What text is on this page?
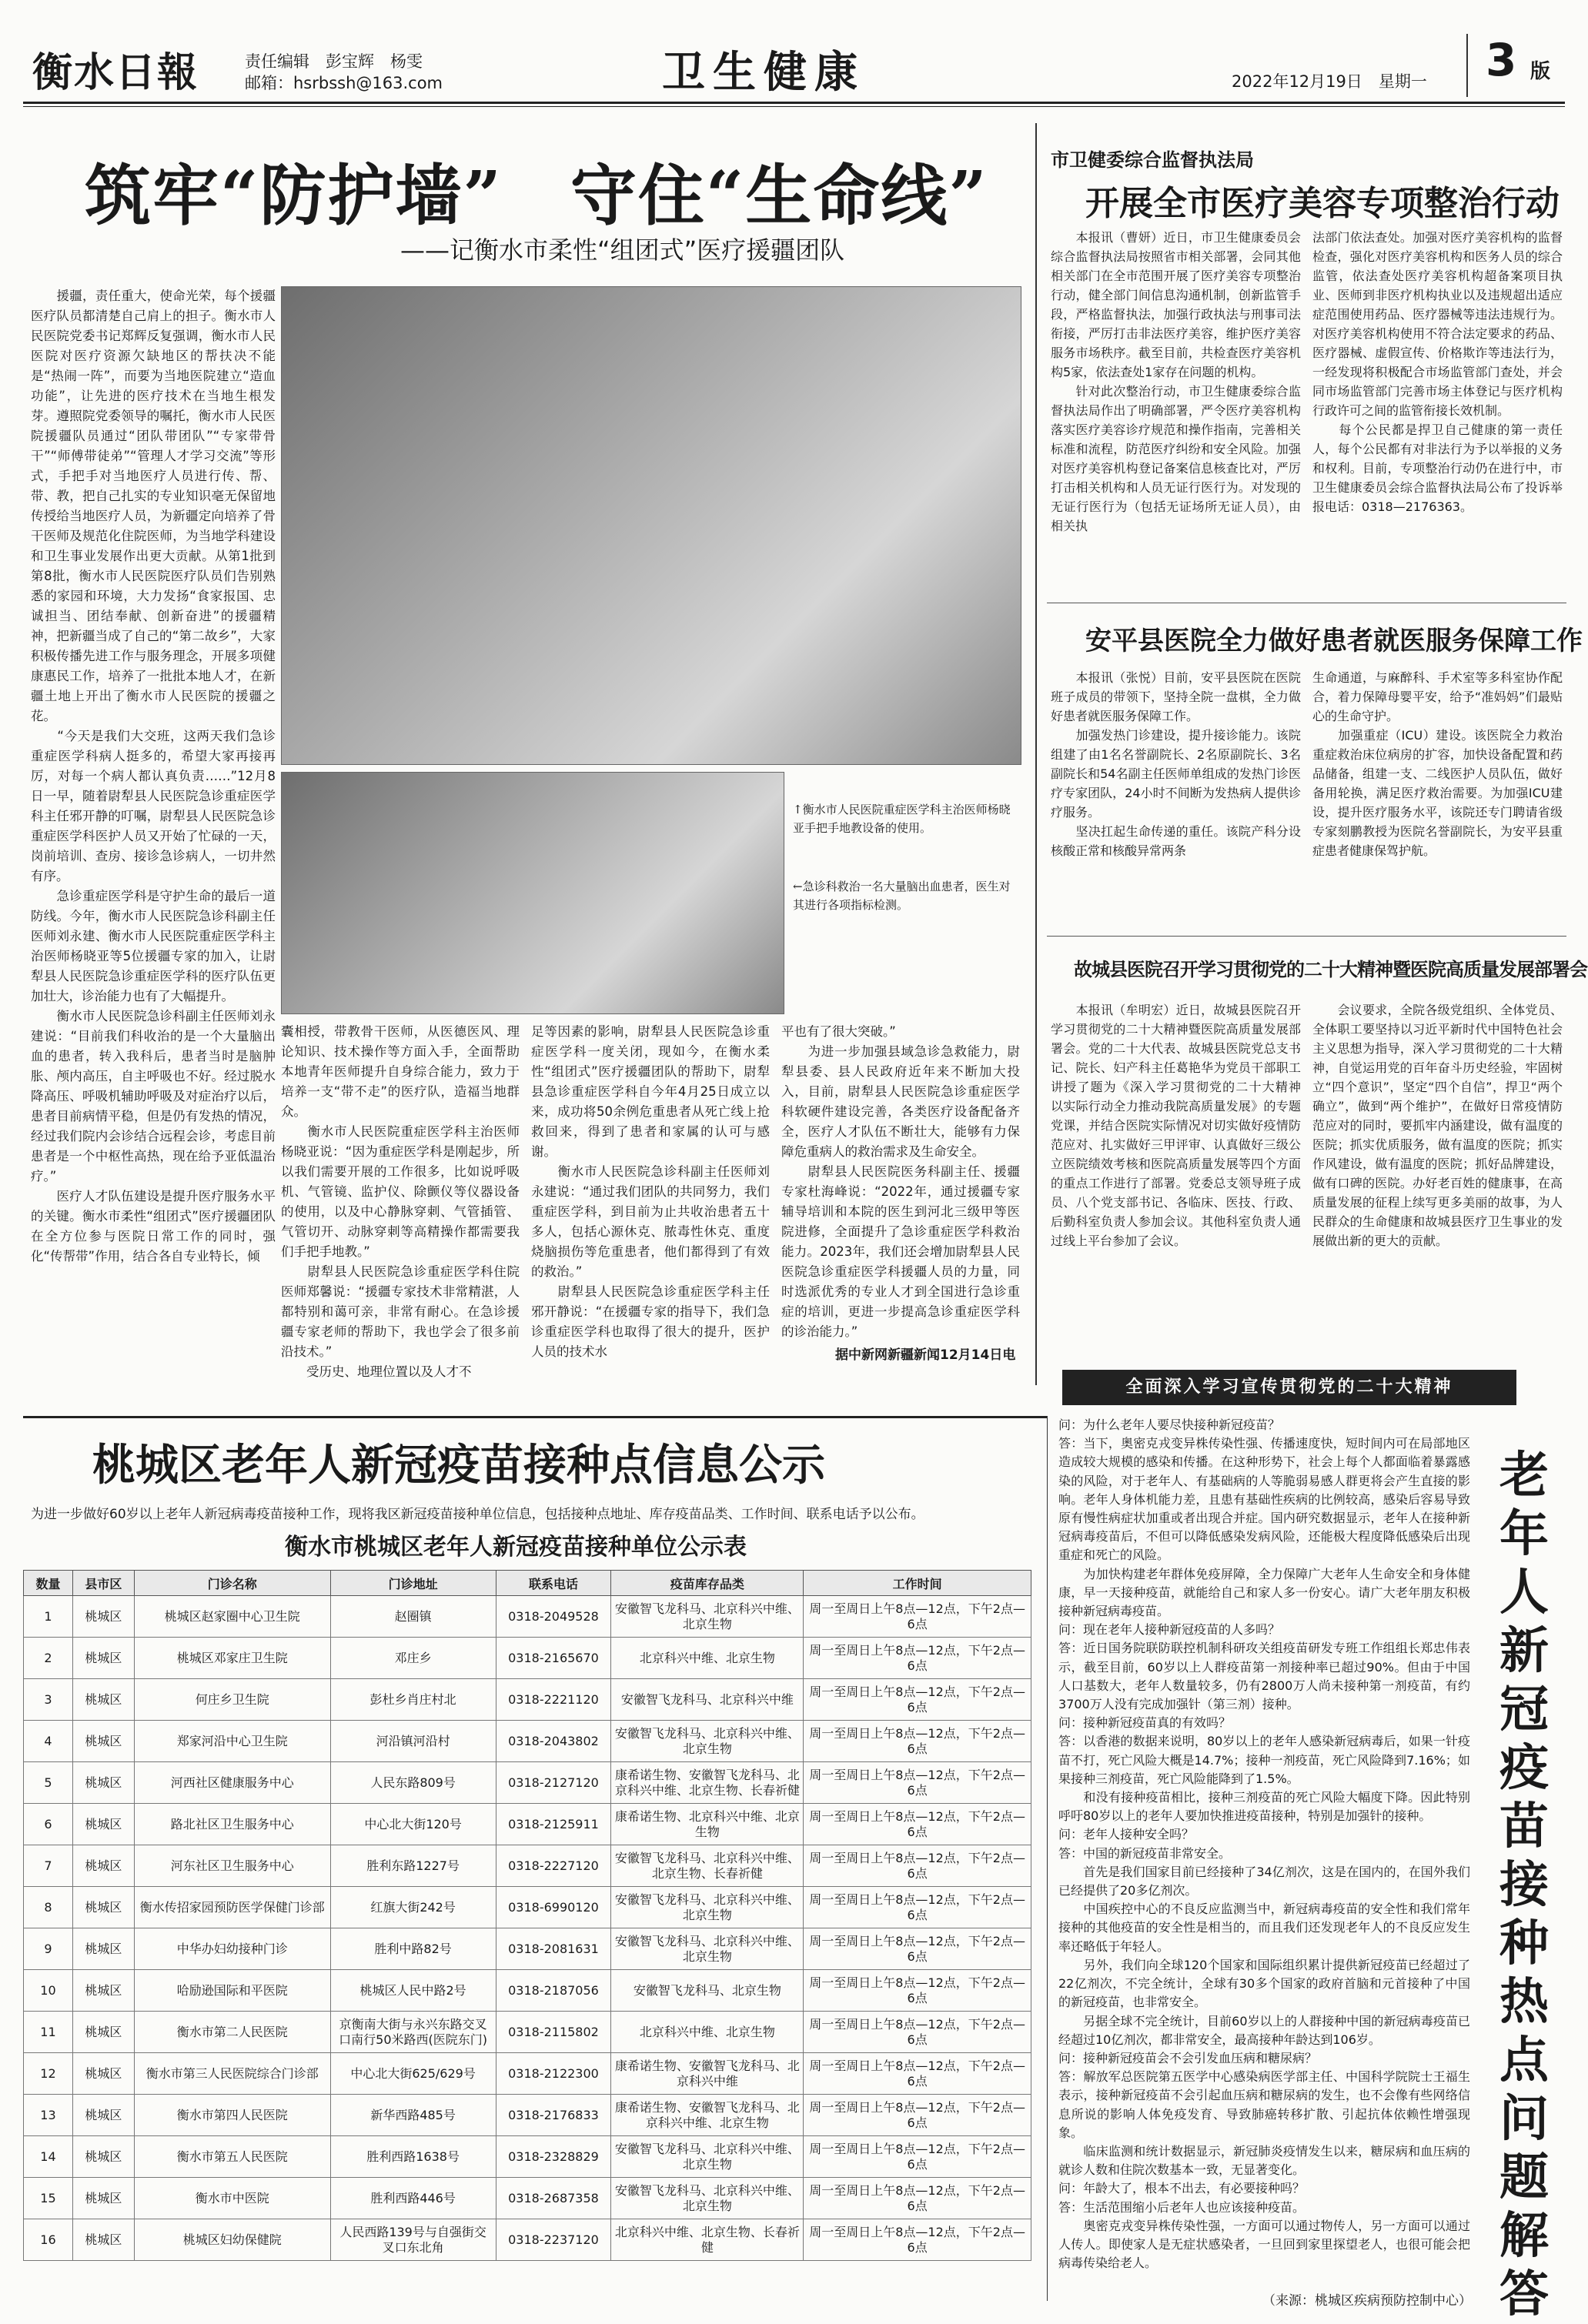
衡水日報	责任编辑　彭宝辉　杨雯
邮箱：hsrbssh@163.com	卫生健康	2022年12月19日　星期一 3 版
筑牢“防护墙”　守住“生命线”
——记衡水市柔性“组团式”医疗援疆团队
　　援疆，责任重大，使命光荣，每个援疆医疗队员都清楚自己肩上的担子。衡水市人民医院党委书记郑辉反复强调，衡水市人民医院对医疗资源欠缺地区的帮扶决不能是“热闹一阵”，而要为当地医院建立“造血功能”，让先进的医疗技术在当地生根发芽。遵照院党委领导的嘱托，衡水市人民医院援疆队员通过“团队带团队”“专家带骨干”“师傅带徒弟”“管理人才学习交流”等形式，手把手对当地医疗人员进行传、帮、带、教，把自己扎实的专业知识毫无保留地传授给当地医疗人员，为新疆定向培养了骨干医师及规范化住院医师，为当地学科建设和卫生事业发展作出更大贡献。从第1批到第8批，衡水市人民医院医疗队员们告别熟悉的家园和环境，大力发扬“食家报国、忠诚担当、团结奉献、创新奋进”的援疆精神，把新疆当成了自己的“第二故乡”，大家积极传播先进工作与服务理念，开展多项健康惠民工作，培养了一批批本地人才，在新疆土地上开出了衡水市人民医院的援疆之花。
　　“今天是我们大交班，这两天我们急诊重症医学科病人挺多的，希望大家再接再厉，对每一个病人都认真负责……”12月8日一早，随着尉犁县人民医院急诊重症医学科主任邪开静的叮嘱，尉犁县人民医院急诊重症医学科医护人员又开始了忙碌的一天，岗前培训、查房、接诊急诊病人，一切井然有序。
　　急诊重症医学科是守护生命的最后一道防线。今年，衡水市人民医院急诊科副主任医师刘永建、衡水市人民医院重症医学科主治医师杨晓亚等5位援疆专家的加入，让尉犁县人民医院急诊重症医学科的医疗队伍更加壮大，诊治能力也有了大幅提升。
　　衡水市人民医院急诊科副主任医师刘永建说：“目前我们科收治的是一个大量脑出血的患者，转入我科后，患者当时是脑肿胀、颅内高压，自主呼吸也不好。经过脱水降高压、呼吸机辅助呼吸及对症治疗以后，患者目前病情平稳，但是仍有发热的情况，经过我们院内会诊结合远程会诊，考虑目前患者是一个中枢性高热，现在给予亚低温治疗。”
　　医疗人才队伍建设是提升医疗服务水平的关键。衡水市柔性“组团式”医疗援疆团队在全方位参与医院日常工作的同时，强化“传帮带”作用，结合各自专业特长，倾
↑衡水市人民医院重症医学科主治医师杨晓亚手把手地教设备的使用。
←急诊科救治一名大量脑出血患者，医生对其进行各项指标检测。
囊相授，带教骨干医师，从医德医风、理论知识、技术操作等方面入手，全面帮助本地青年医师提升自身综合能力，致力于培养一支“带不走”的医疗队，造福当地群众。
　　衡水市人民医院重症医学科主治医师杨晓亚说：“因为重症医学科是刚起步，所以我们需要开展的工作很多，比如说呼吸机、气管镜、监护仪、除颤仪等仪器设备的使用，以及中心静脉穿刺、气管插管、气管切开、动脉穿刺等高精操作都需要我们手把手地教。”
　　尉犁县人民医院急诊重症医学科住院医师郑馨说：“援疆专家技术非常精湛，人都特别和蔼可亲，非常有耐心。在急诊援疆专家老师的帮助下，我也学会了很多前沿技术。”
　　受历史、地理位置以及人才不
足等因素的影响，尉犁县人民医院急诊重症医学科一度关闭，现如今，在衡水柔性“组团式”医疗援疆团队的帮助下，尉犁县急诊重症医学科自今年4月25日成立以来，成功将50余例危重患者从死亡线上抢救回来，得到了患者和家属的认可与感谢。
　　衡水市人民医院急诊科副主任医师刘永建说：“通过我们团队的共同努力，我们重症医学科，到目前为止共收治患者五十多人，包括心源休克、脓毒性休克、重度烧脑损伤等危重患者，他们都得到了有效的救治。”
　　尉犁县人民医院急诊重症医学科主任邪开静说：“在援疆专家的指导下，我们急诊重症医学科也取得了很大的提升，医护人员的技术水
平也有了很大突破。”
　　为进一步加强县域急诊急救能力，尉犁县委、县人民政府近年来不断加大投入，目前，尉犁县人民医院急诊重症医学科软硬件建设完善，各类医疗设备配备齐全，医疗人才队伍不断壮大，能够有力保障危重病人的救治需求及生命安全。
　　尉犁县人民医院医务科副主任、援疆专家杜海峰说：“2022年，通过援疆专家辅导培训和本院的医生到河北三级甲等医院进修，全面提升了急诊重症医学科救治能力。2023年，我们还会增加尉犁县人民医院急诊重症医学科援疆人员的力量，同时选派优秀的专业人才到全国进行急诊重症的培训，更进一步提高急诊重症医学科的诊治能力。”
据中新网新疆新闻12月14日电
市卫健委综合监督执法局
开展全市医疗美容专项整治行动
　　本报讯（曹妍）近日，市卫生健康委员会综合监督执法局按照省市相关部署，会同其他相关部门在全市范围开展了医疗美容专项整治行动，健全部门间信息沟通机制，创新监管手段，严格监督执法，加强行政执法与刑事司法衔接，严厉打击非法医疗美容，维护医疗美容服务市场秩序。截至目前，共检查医疗美容机构5家，依法查处1家存在问题的机构。
　　针对此次整治行动，市卫生健康委综合监督执法局作出了明确部署，严令医疗美容机构落实医疗美容诊疗规范和操作指南，完善相关标准和流程，防范医疗纠纷和安全风险。加强对医疗美容机构登记备案信息核查比对，严厉打击相关机构和人员无证行医行为。对发现的无证行医行为（包括无证场所无证人员），由相关执
法部门依法查处。加强对医疗美容机构的监督检查，强化对医疗美容机构和医务人员的综合监管，依法查处医疗美容机构超备案项目执业、医师到非医疗机构执业以及违规超出适应症范围使用药品、医疗器械等违法违规行为。对医疗美容机构使用不符合法定要求的药品、医疗器械、虚假宣传、价格欺诈等违法行为，一经发现将积极配合市场监管部门查处，并会同市场监管部门完善市场主体登记与医疗机构行政许可之间的监管衔接长效机制。
　　每个公民都是捍卫自己健康的第一责任人，每个公民都有对非法行为予以举报的义务和权利。目前，专项整治行动仍在进行中，市卫生健康委员会综合监督执法局公布了投诉举报电话：0318—2176363。
安平县医院全力做好患者就医服务保障工作
　　本报讯（张悦）目前，安平县医院在医院班子成员的带领下，坚持全院一盘棋，全力做好患者就医服务保障工作。
　　加强发热门诊建设，提升接诊能力。该院组建了由1名名誉副院长、2名原副院长、3名副院长和54名副主任医师单组成的发热门诊医疗专家团队，24小时不间断为发热病人提供诊疗服务。
　　坚决扛起生命传递的重任。该院产科分设核酸正常和核酸异常两条
生命通道，与麻醉科、手术室等多科室协作配合，着力保障母婴平安，给予“准妈妈”们最贴心的生命守护。
　　加强重症（ICU）建设。该医院全力救治重症救治床位病房的扩容，加快设备配置和药品储备，组建一支、二线医护人员队伍，做好备用轮换，满足医疗救治需要。为加强ICU建设，提升医疗服务水平，该院还专门聘请省级专家刻鹏教授为医院名誉副院长，为安平县重症患者健康保驾护航。
故城县医院召开学习贯彻党的二十大精神暨医院高质量发展部署会
　　本报讯（牟明宏）近日，故城县医院召开学习贯彻党的二十大精神暨医院高质量发展部署会。党的二十大代表、故城县医院党总支书记、院长、妇产科主任葛艳华为党员干部职工讲授了题为《深入学习贯彻党的二十大精神　以实际行动全力推动我院高质量发展》的专题党课，并结合医院实际情况对切实做好疫情防范应对、扎实做好三甲评审、认真做好三级公立医院绩效考核和医院高质量发展等四个方面的重点工作进行了部署。党委总支领导班子成员、八个党支部书记、各临床、医技、行政、后勤科室负责人参加会议。其他科室负责人通过线上平台参加了会议。
　　会议要求，全院各级党组织、全体党员、全体职工要坚持以习近平新时代中国特色社会主义思想为指导，深入学习贯彻党的二十大精神，自觉运用党的百年奋斗历史经验，牢固树立“四个意识”，坚定“四个自信”，捍卫“两个确立”，做到“两个维护”，在做好日常疫情防范应对的同时，要抓牢内涵建设，做有温度的医院；抓实优质服务，做有温度的医院；抓实作风建设，做有温度的医院；抓好品牌建设，做有口碑的医院。办好老百姓的健康事，在高质量发展的征程上续写更多美丽的故事，为人民群众的生命健康和故城县医疗卫生事业的发展做出新的更大的贡献。
全面深入学习宣传贯彻党的二十大精神
桃城区老年人新冠疫苗接种点信息公示
为进一步做好60岁以上老年人新冠病毒疫苗接种工作，现将我区新冠疫苗接种单位信息，包括接种点地址、库存疫苗品类、工作时间、联系电话予以公布。
衡水市桃城区老年人新冠疫苗接种单位公示表
数量	县市区	门诊名称	门诊地址	联系电话	疫苗库存品类	工作时间
1	桃城区	桃城区赵家圈中心卫生院	赵圈镇	0318-2049528	安徽智飞龙科马、北京科兴中维、北京生物	周一至周日上午8点—12点，下午2点—6点
2	桃城区	桃城区邓家庄卫生院	邓庄乡	0318-2165670	北京科兴中维、北京生物	周一至周日上午8点—12点，下午2点—6点
3	桃城区	何庄乡卫生院	彭杜乡肖庄村北	0318-2221120	安徽智飞龙科马、北京科兴中维	周一至周日上午8点—12点，下午2点—6点
4	桃城区	郑家河沿中心卫生院	河沿镇河沿村	0318-2043802	安徽智飞龙科马、北京科兴中维、北京生物	周一至周日上午8点—12点，下午2点—6点
5	桃城区	河西社区健康服务中心	人民东路809号	0318-2127120	康希诺生物、安徽智飞龙科马、北京科兴中维、北京生物、长春祈健	周一至周日上午8点—12点，下午2点—6点
6	桃城区	路北社区卫生服务中心	中心北大街120号	0318-2125911	康希诺生物、北京科兴中维、北京生物	周一至周日上午8点—12点，下午2点—6点
7	桃城区	河东社区卫生服务中心	胜利东路1227号	0318-2227120	安徽智飞龙科马、北京科兴中维、北京生物、长春祈健	周一至周日上午8点—12点，下午2点—6点
8	桃城区	衡水传招家园预防医学保健门诊部	红旗大街242号	0318-6990120	安徽智飞龙科马、北京科兴中维、北京生物	周一至周日上午8点—12点，下午2点—6点
9	桃城区	中华办妇幼接种门诊	胜利中路82号	0318-2081631	安徽智飞龙科马、北京科兴中维、北京生物	周一至周日上午8点—12点，下午2点—6点
10	桃城区	哈励逊国际和平医院	桃城区人民中路2号	0318-2187056	安徽智飞龙科马、北京生物	周一至周日上午8点—12点，下午2点—6点
11	桃城区	衡水市第二人民医院	京衡南大街与永兴东路交叉口南行50米路西(医院东门)	0318-2115802	北京科兴中维、北京生物	周一至周日上午8点—12点，下午2点—6点
12	桃城区	衡水市第三人民医院综合门诊部	中心北大街625/629号	0318-2122300	康希诺生物、安徽智飞龙科马、北京科兴中维	周一至周日上午8点—12点，下午2点—6点
13	桃城区	衡水市第四人民医院	新华西路485号	0318-2176833	康希诺生物、安徽智飞龙科马、北京科兴中维、北京生物	周一至周日上午8点—12点，下午2点—6点
14	桃城区	衡水市第五人民医院	胜利西路1638号	0318-2328829	安徽智飞龙科马、北京科兴中维、北京生物	周一至周日上午8点—12点，下午2点—6点
15	桃城区	衡水市中医院	胜利西路446号	0318-2687358	安徽智飞龙科马、北京科兴中维、北京生物	周一至周日上午8点—12点，下午2点—6点
16	桃城区	桃城区妇幼保健院	人民西路139号与自强街交叉口东北角	0318-2237120	北京科兴中维、北京生物、长春祈健	周一至周日上午8点—12点，下午2点—6点
问：为什么老年人要尽快接种新冠疫苗？
答：当下，奥密克戎变异株传染性强、传播速度快，短时间内可在局部地区造成较大规模的感染和传播。在这种形势下，社会上每个人都面临着暴露感染的风险，对于老年人、有基础病的人等脆弱易感人群更将会产生直接的影响。老年人身体机能力差，且患有基础性疾病的比例较高，感染后容易导致原有慢性病症状加重或者出现合并症。国内研究数据显示，老年人在接种新冠病毒疫苗后，不但可以降低感染发病风险，还能极大程度降低感染后出现重症和死亡的风险。
　　为加快构建老年群体免疫屏障，全力保障广大老年人生命安全和身体健康，早一天接种疫苗，就能给自己和家人多一份安心。请广大老年朋友积极接种新冠病毒疫苗。
问：现在老年人接种新冠疫苗的人多吗？
答：近日国务院联防联控机制科研攻关组疫苗研发专班工作组组长郑忠伟表示，截至目前，60岁以上人群疫苗第一剂接种率已超过90%。但由于中国人口基数大，老年人数量较多，仍有2800万人尚未接种第一剂疫苗，有约3700万人没有完成加强针（第三剂）接种。
问：接种新冠疫苗真的有效吗？
答：以香港的数据来说明，80岁以上的老年人感染新冠病毒后，如果一针疫苗不打，死亡风险大概是14.7%；接种一剂疫苗，死亡风险降到7.16%；如果接种三剂疫苗，死亡风险能降到了1.5%。
　　和没有接种疫苗相比，接种三剂疫苗的死亡风险大幅度下降。因此特别呼吁80岁以上的老年人要加快推进疫苗接种，特别是加强针的接种。
问：老年人接种安全吗？
答：中国的新冠疫苗非常安全。
　　首先是我们国家目前已经接种了34亿剂次，这是在国内的，在国外我们已经提供了20多亿剂次。
　　中国疾控中心的不良反应监测当中，新冠病毒疫苗的安全性和我们常年接种的其他疫苗的安全性是相当的，而且我们还发现老年人的不良反应发生率还略低于年轻人。
　　另外，我们向全球120个国家和国际组织累计提供新冠疫苗已经超过了22亿剂次，不完全统计，全球有30多个国家的政府首脑和元首接种了中国的新冠疫苗，也非常安全。
　　另据全球不完全统计，目前60岁以上的人群接种中国的新冠病毒疫苗已经超过10亿剂次，都非常安全，最高接种年龄达到106岁。
问：接种新冠疫苗会不会引发血压病和糖尿病？
答：解放军总医院第五医学中心感染病医学部主任、中国科学院院士王福生表示，接种新冠疫苗不会引起血压病和糖尿病的发生，也不会像有些网络信息所说的影响人体免疫发育、导致肺癌转移扩散、引起抗体依赖性增强现象。
　　临床监测和统计数据显示，新冠肺炎疫情发生以来，糖尿病和血压病的就诊人数和住院次数基本一致，无显著变化。
问：年龄大了，根本不出去，有必要接种吗？
答：生活范围缩小后老年人也应该接种疫苗。
　　奥密克戎变异株传染性强，一方面可以通过物传人，另一方面可以通过人传人。即使家人是无症状感染者，一旦回到家里探望老人，也很可能会把病毒传染给老人。
老年人新冠疫苗接种热点问题解答
（来源：桃城区疾病预防控制中心）
